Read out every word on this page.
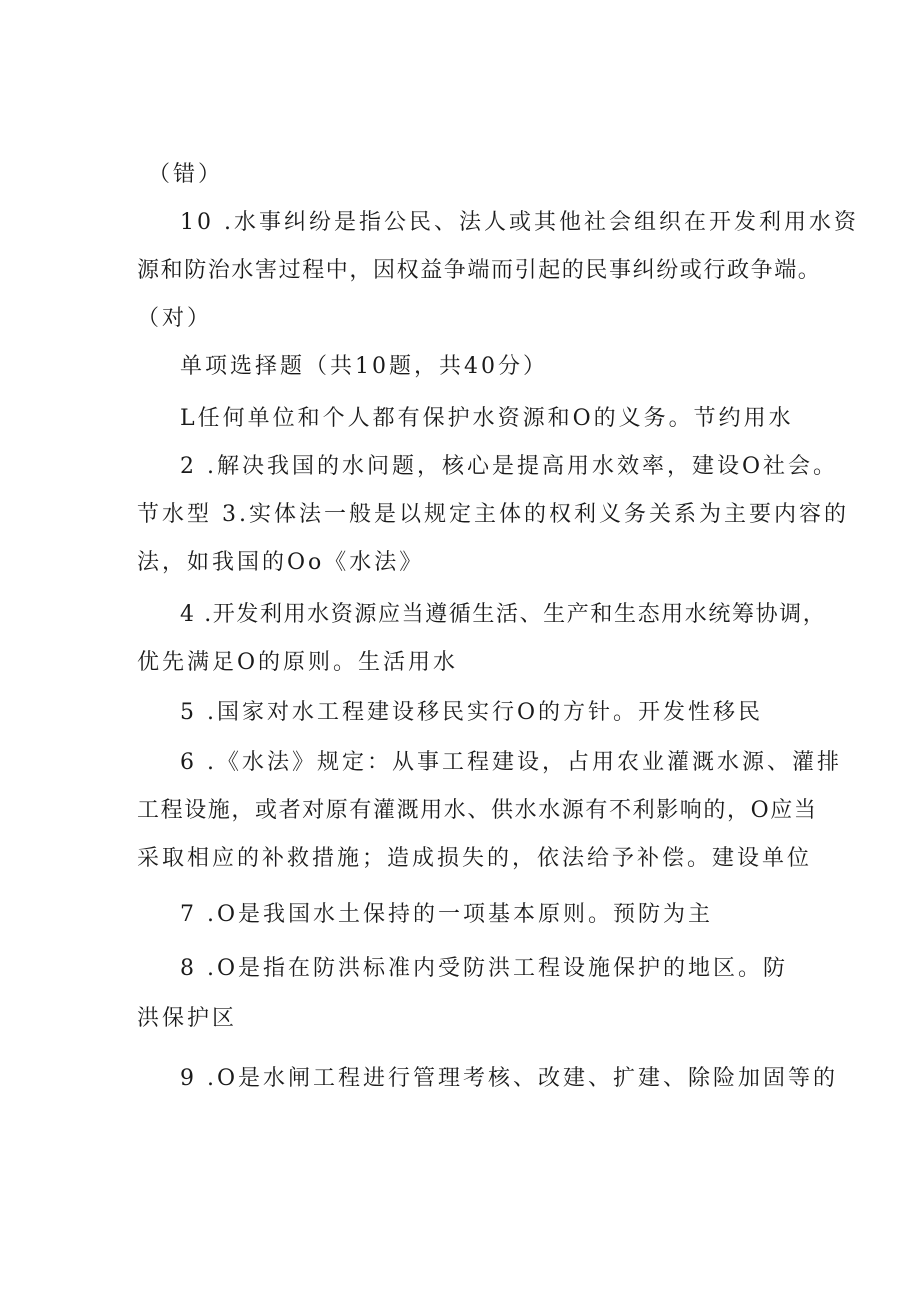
（错）
10 .水事纠纷是指公民、法人或其他社会组织在开发利用水资
源和防治水害过程中，因权益争端而引起的民事纠纷或行政争端。
（对）
单项选择题（共10题，共40分）
L任何单位和个人都有保护水资源和O的义务。节约用水
2 .解决我国的水问题，核心是提高用水效率，建设O社会。
节水型 3.实体法一般是以规定主体的权利义务关系为主要内容的
法，如我国的Oo《水法》
4 .开发利用水资源应当遵循生活、生产和生态用水统筹协调，
优先满足O的原则。生活用水
5 .国家对水工程建设移民实行O的方针。开发性移民
6 .《水法》规定：从事工程建设，占用农业灌溉水源、灌排
工程设施，或者对原有灌溉用水、供水水源有不利影响的，O应当
采取相应的补救措施；造成损失的，依法给予补偿。建设单位
7 .O是我国水土保持的一项基本原则。预防为主
8 .O是指在防洪标准内受防洪工程设施保护的地区。防
洪保护区
9 .O是水闸工程进行管理考核、改建、扩建、除险加固等的
